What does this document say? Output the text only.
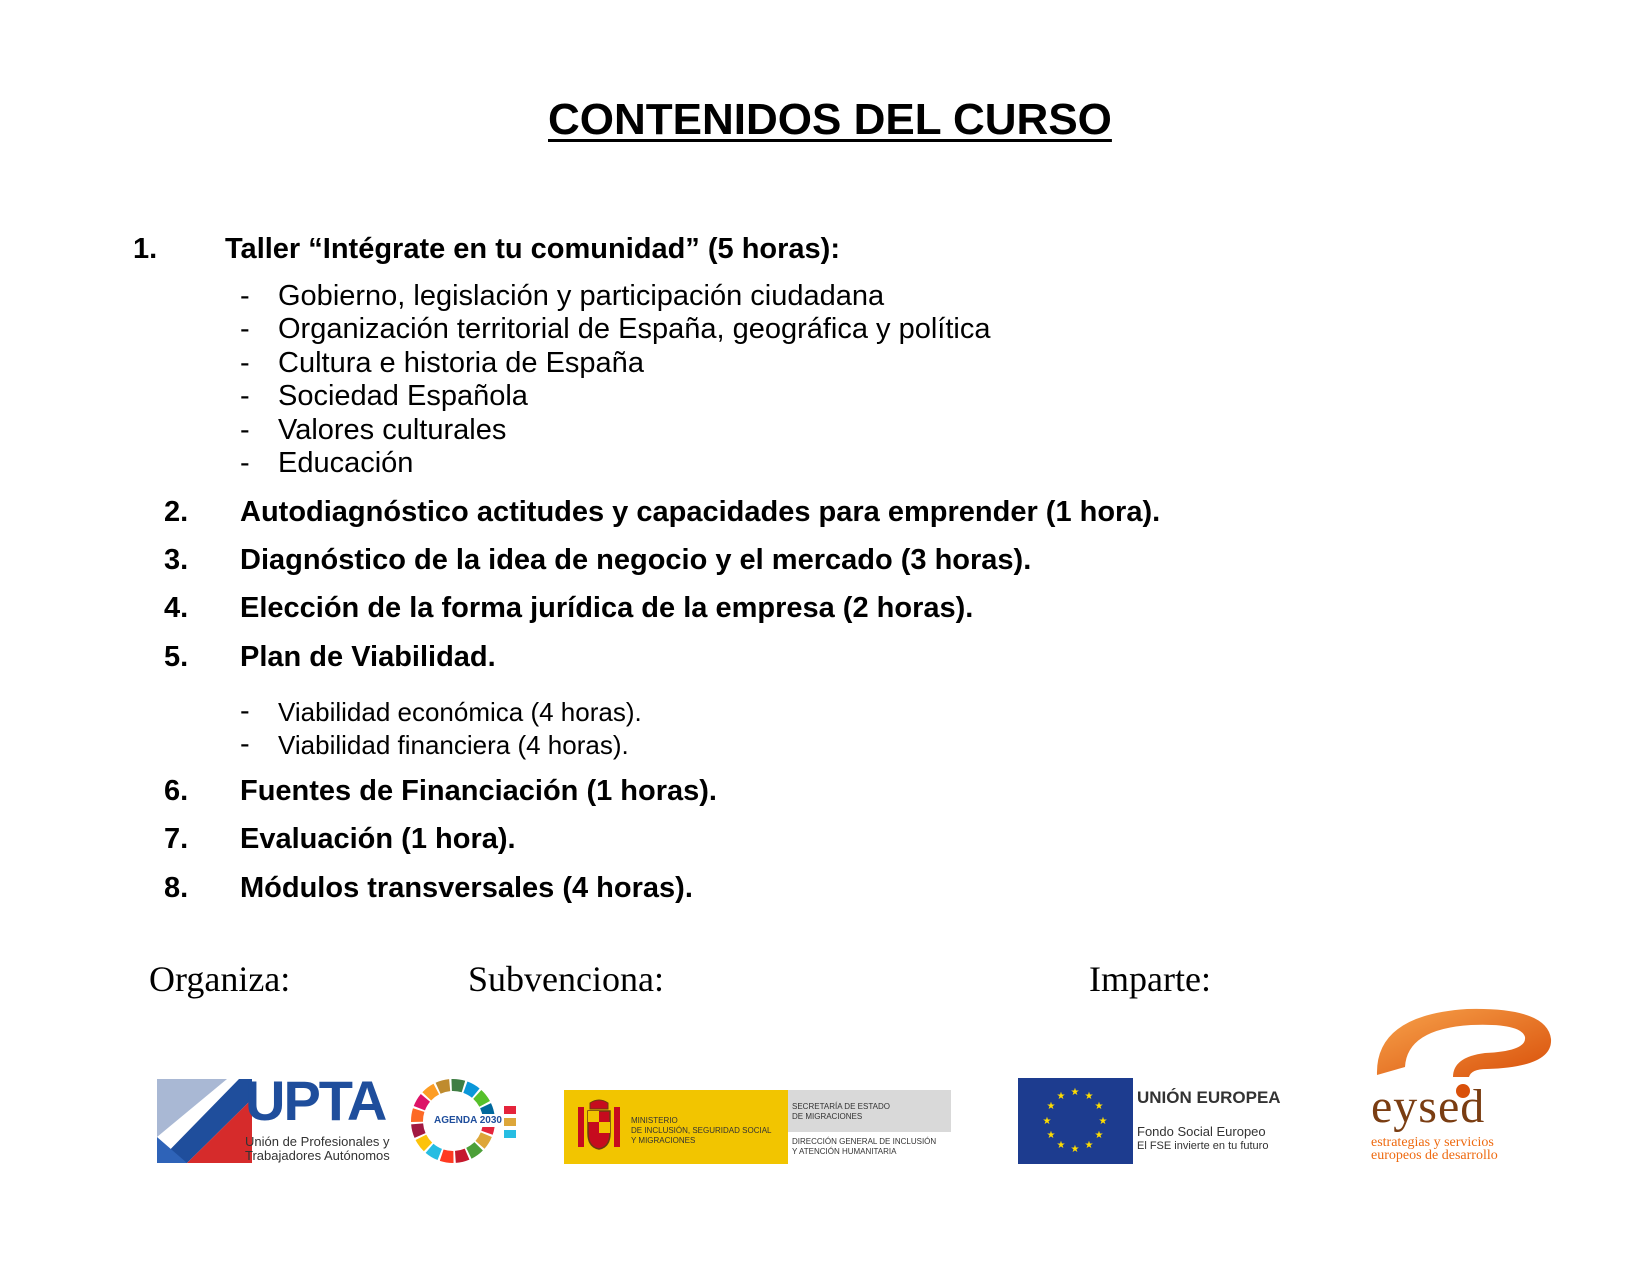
CONTENIDOS DEL CURSO
1. Taller “Intégrate en tu comunidad” (5 horas):
- Gobierno, legislación y participación ciudadana
- Organización territorial de España, geográfica y política
- Cultura e historia de España
- Sociedad Española
- Valores culturales
- Educación
2. Autodiagnóstico actitudes y capacidades para emprender (1 hora).
3. Diagnóstico de la idea de negocio y el mercado (3 horas).
4. Elección de la forma jurídica de la empresa (2 horas).
5. Plan de Viabilidad.
- Viabilidad económica (4 horas).
- Viabilidad financiera (4 horas).
6. Fuentes de Financiación (1 horas).
7. Evaluación (1 hora).
8. Módulos transversales (4 horas).
Organiza:	Subvenciona:	Imparte:
UPTA
Unión de Profesionales y
Trabajadores Autónomos
AGENDA 2030	MINISTERIO
DE INCLUSIÓN, SEGURIDAD SOCIAL
Y MIGRACIONES
SECRETARÍA DE ESTADO
DE MIGRACIONES
DIRECCIÓN GENERAL DE INCLUSIÓN
Y ATENCIÓN HUMANITARIA
★ ★
★
★
★
★
★
★
★
★
★
★	UNIÓN EUROPEA
Fondo Social Europeo
El FSE invierte en tu futuro
eysed
estrategias y servicios
europeos de desarrollo
